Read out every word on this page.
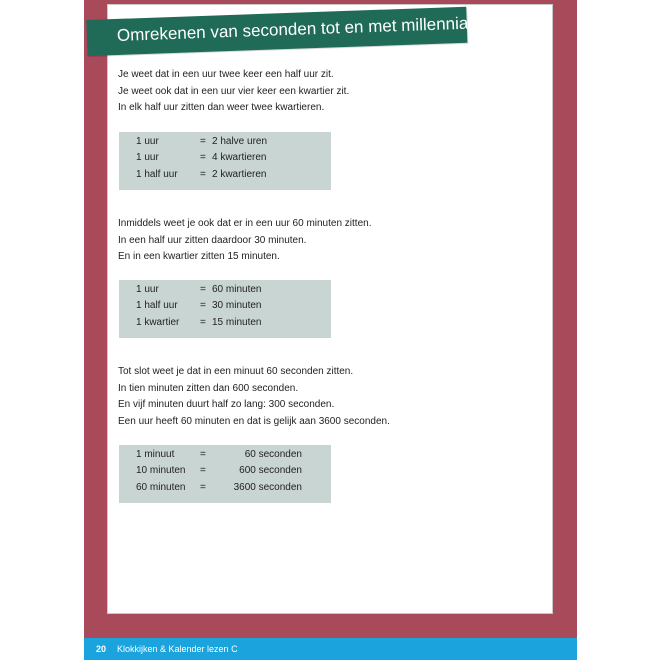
Omrekenen van seconden tot en met millennia
Je weet dat in een uur twee keer een half uur zit.
Je weet ook dat in een uur vier keer een kwartier zit.
In elk half uur zitten dan weer twee kwartieren.
1 uur	= 2 halve uren
1 uur	= 4 kwartieren
1 half uur = 2 kwartieren
Inmiddels weet je ook dat er in een uur 60 minuten zitten.
In een half uur zitten daardoor 30 minuten.
En in een kwartier zitten 15 minuten.
1 uur	= 60 minuten
1 half uur = 30 minuten
1 kwartier = 15 minuten
Tot slot weet je dat in een minuut 60 seconden zitten.
In tien minuten zitten dan 600 seconden.
En vijf minuten duurt half zo lang: 300 seconden.
Een uur heeft 60 minuten en dat is gelijk aan 3600 seconden.
1 minuut	=	60 seconden
10 minuten =	600 seconden
60 minuten =	3600 seconden
20 Klokkijken & Kalender lezen C
